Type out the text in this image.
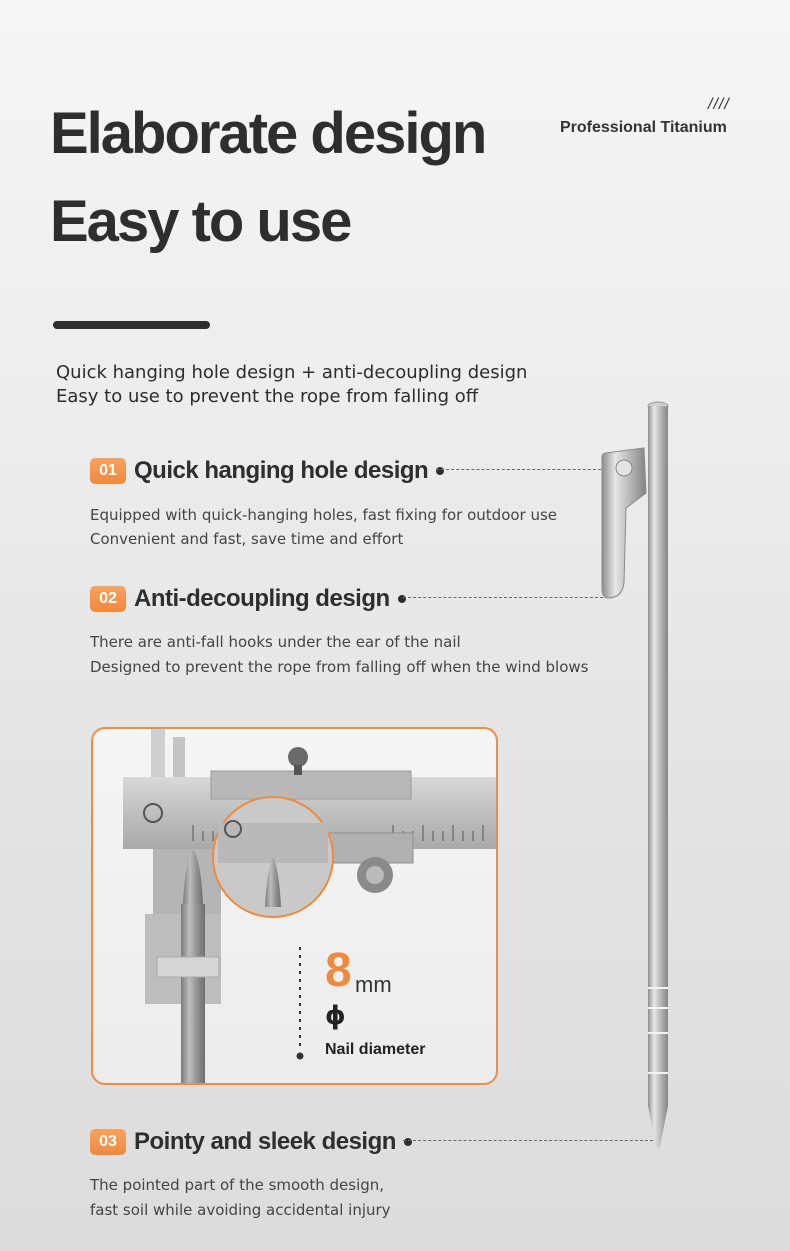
Elaborate design
Easy to use
////
Professional Titanium
Quick hanging hole design + anti-decoupling design
Easy to use to prevent the rope from falling off
01 Quick hanging hole design
Equipped with quick-hanging holes, fast fixing for outdoor use
Convenient and fast, save time and effort
02 Anti-decoupling design
There are anti-fall hooks under the ear of the nail
Designed to prevent the rope from falling off when the wind blows
8 mm
ϕ
Nail diameter
03 Pointy and sleek design
The pointed part of the smooth design,
fast soil while avoiding accidental injury
